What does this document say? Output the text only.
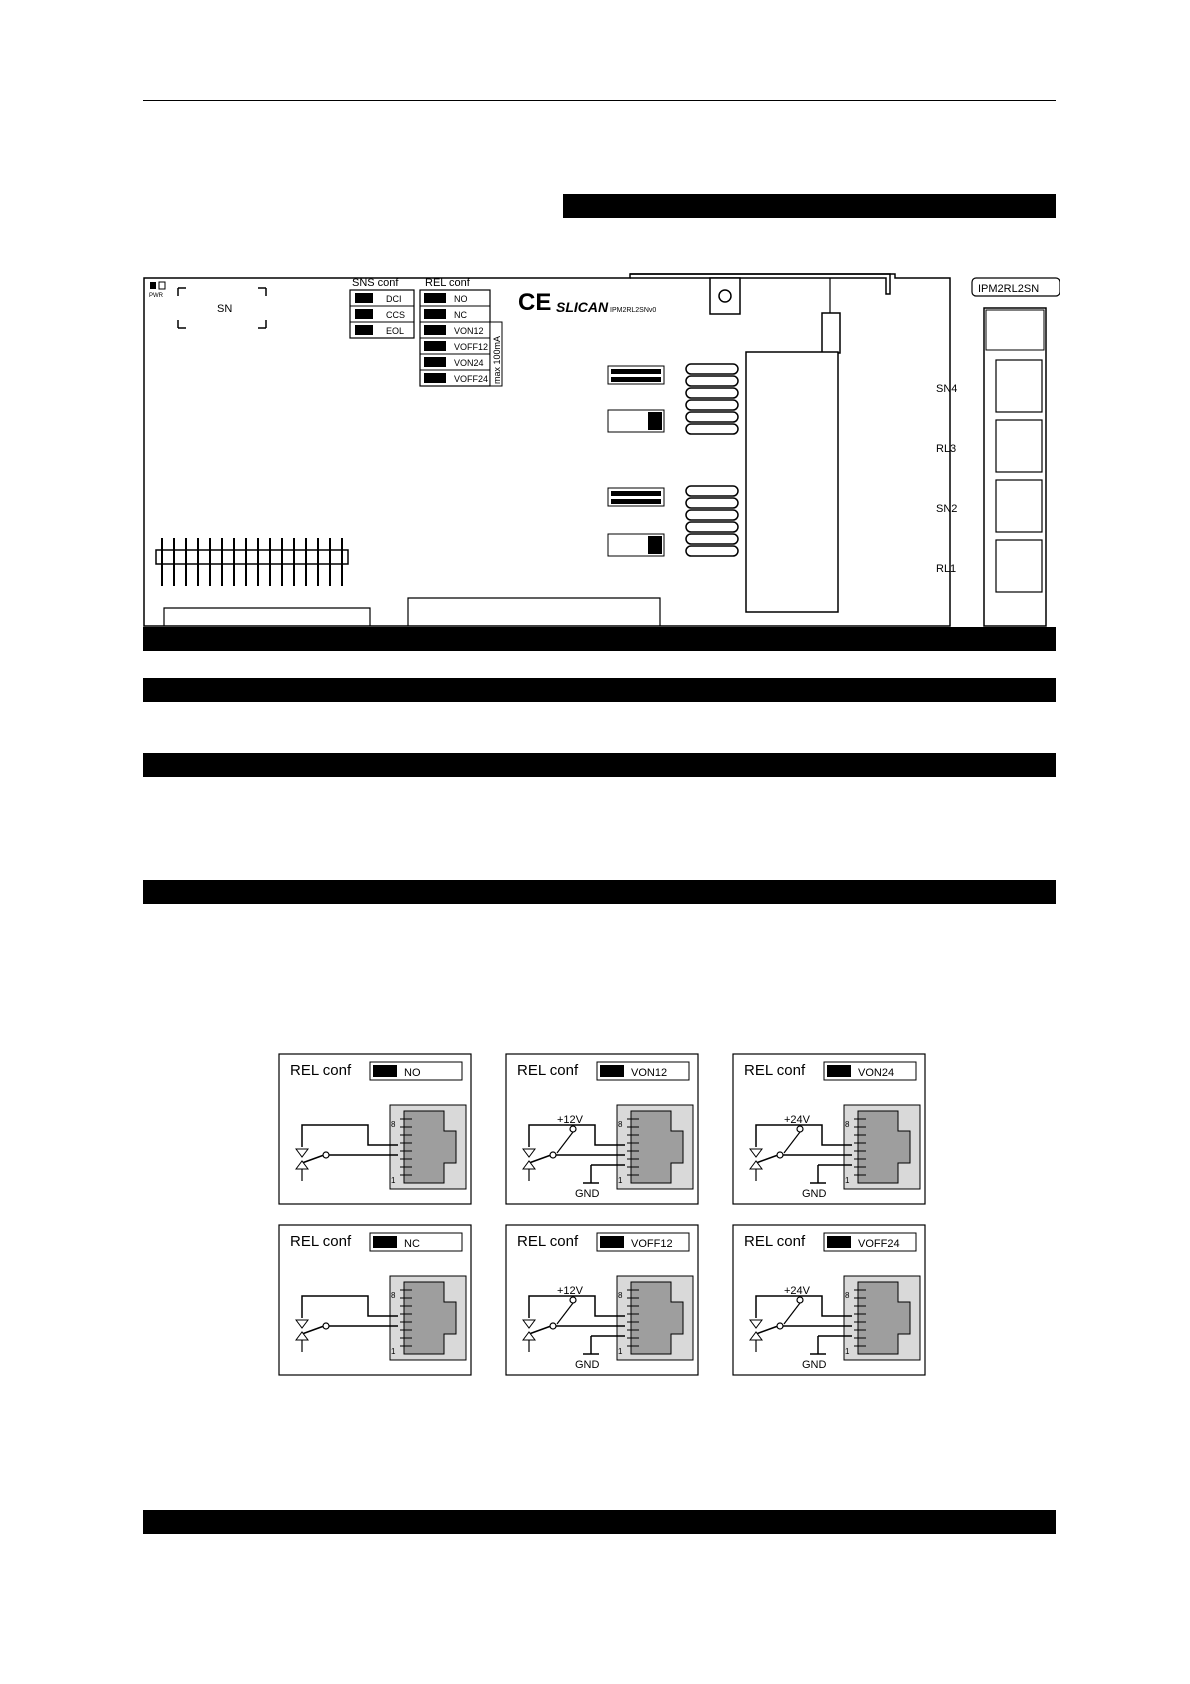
PWR
SN
SNS conf
DCI
CCS
EOL
REL conf
NO
NC
VON12
VOFF12
VON24
VOFF24 max 100mA
CE SLICAN IPM2RL2SNv0
IPM2RL2SN
SN4
RL3
SN2
RL1
REL conf	NO
8
1
REL conf	VON12
8
1
+12V
GND
REL conf	VON24
8
1
+24V
GND
REL conf	NC
8
1
REL conf	VOFF12
8
1
+12V
GND
REL conf	VOFF24
8
1
+24V
GND
